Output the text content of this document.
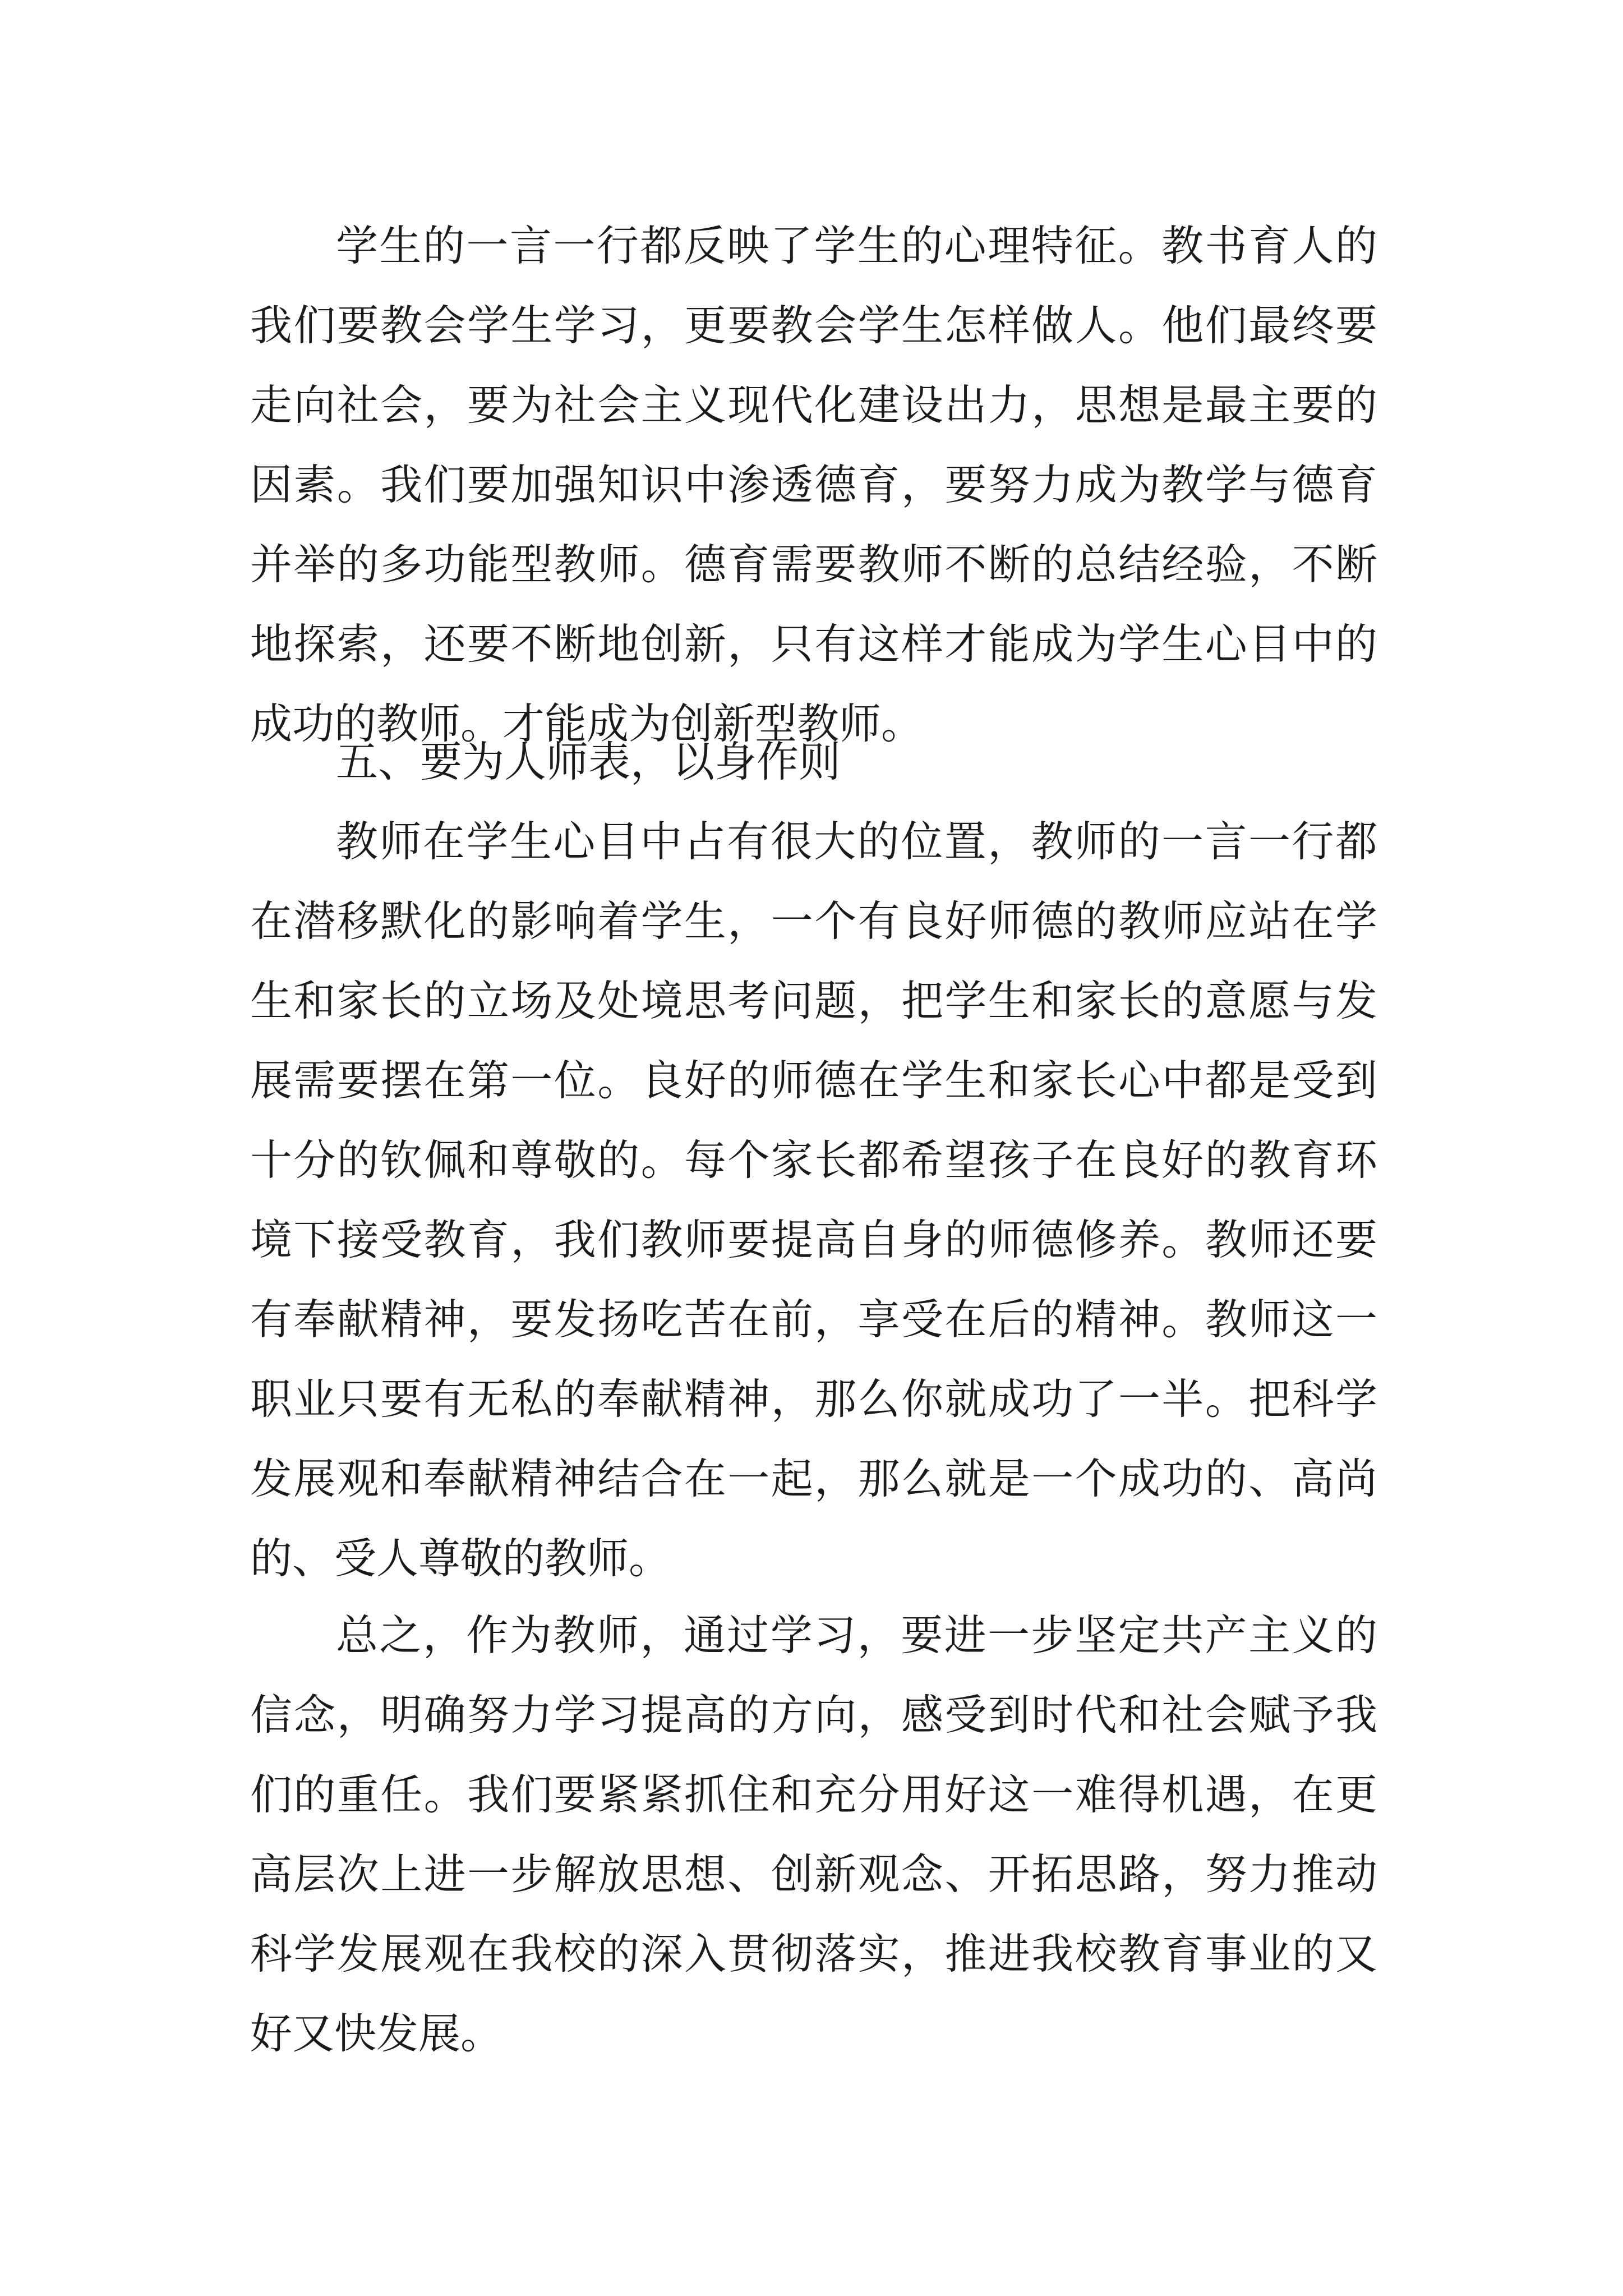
学生的一言一行都反映了学生的心理特征。教书育人的
我们要教会学生学习，更要教会学生怎样做人。他们最终要
走向社会，要为社会主义现代化建设出力，思想是最主要的
因素。我们要加强知识中渗透德育，要努力成为教学与德育
并举的多功能型教师。德育需要教师不断的总结经验，不断
地探索，还要不断地创新，只有这样才能成为学生心目中的
成功的教师。才能成为创新型教师。
五、要为人师表，以身作则
教师在学生心目中占有很大的位置，教师的一言一行都
在潜移默化的影响着学生，一个有良好师德的教师应站在学
生和家长的立场及处境思考问题，把学生和家长的意愿与发
展需要摆在第一位。良好的师德在学生和家长心中都是受到
十分的钦佩和尊敬的。每个家长都希望孩子在良好的教育环
境下接受教育，我们教师要提高自身的师德修养。教师还要
有奉献精神，要发扬吃苦在前，享受在后的精神。教师这一
职业只要有无私的奉献精神，那么你就成功了一半。把科学
发展观和奉献精神结合在一起，那么就是一个成功的、高尚
的、受人尊敬的教师。
总之，作为教师，通过学习，要进一步坚定共产主义的
信念，明确努力学习提高的方向，感受到时代和社会赋予我
们的重任。我们要紧紧抓住和充分用好这一难得机遇，在更
高层次上进一步解放思想、创新观念、开拓思路，努力推动
科学发展观在我校的深入贯彻落实，推进我校教育事业的又
好又快发展。
